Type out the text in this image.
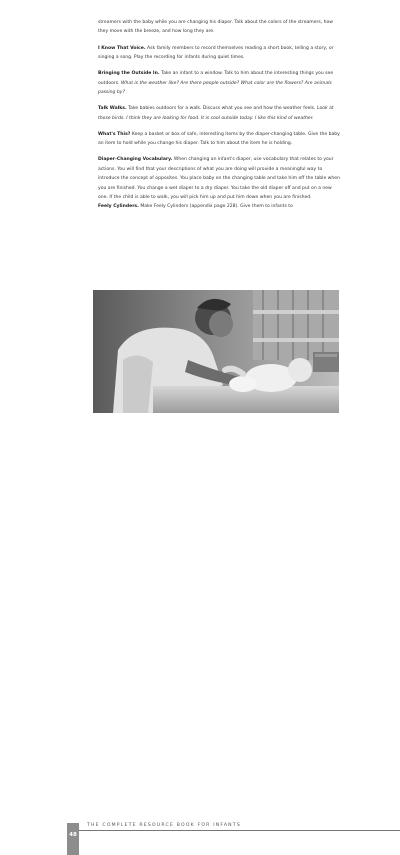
streamers with the baby while you are changing his diaper. Talk about the colors of the streamers, how they move with the breeze, and how long they are.

I Know That Voice. Ask family members to record themselves reading a short book, telling a story, or singing a song. Play the recording for infants during quiet times.

Bringing the Outside In. Take an infant to a window. Talk to him about the interesting things you see outdoors. What is the weather like? Are there people outside? What color are the flowers? Are animals passing by?

Talk Walks. Take babies outdoors for a walk. Discuss what you see and how the weather feels. Look at those birds. I think they are looking for food. It is cool outside today. I like this kind of weather.

What's This? Keep a basket or box of safe, interesting items by the diaper-changing table. Give the baby an item to hold while you change his diaper. Talk to him about the item he is holding.

Diaper-Changing Vocabulary. When changing an infant's diaper, use vocabulary that relates to your actions. You will find that your descriptions of what you are doing will provide a meaningful way to introduce the concept of opposites. You place baby on the changing table and take him off the table when you are finished. You change a wet diaper to a dry diaper. You take the old diaper off and put on a new one. If the child is able to walk, you will pick him up and put him down when you are finished.

Feely Cylinders. Make Feely Cylinders (appendix page 228). Give them to infants to

48
THE COMPLETE RESOURCE BOOK FOR INFANTS
